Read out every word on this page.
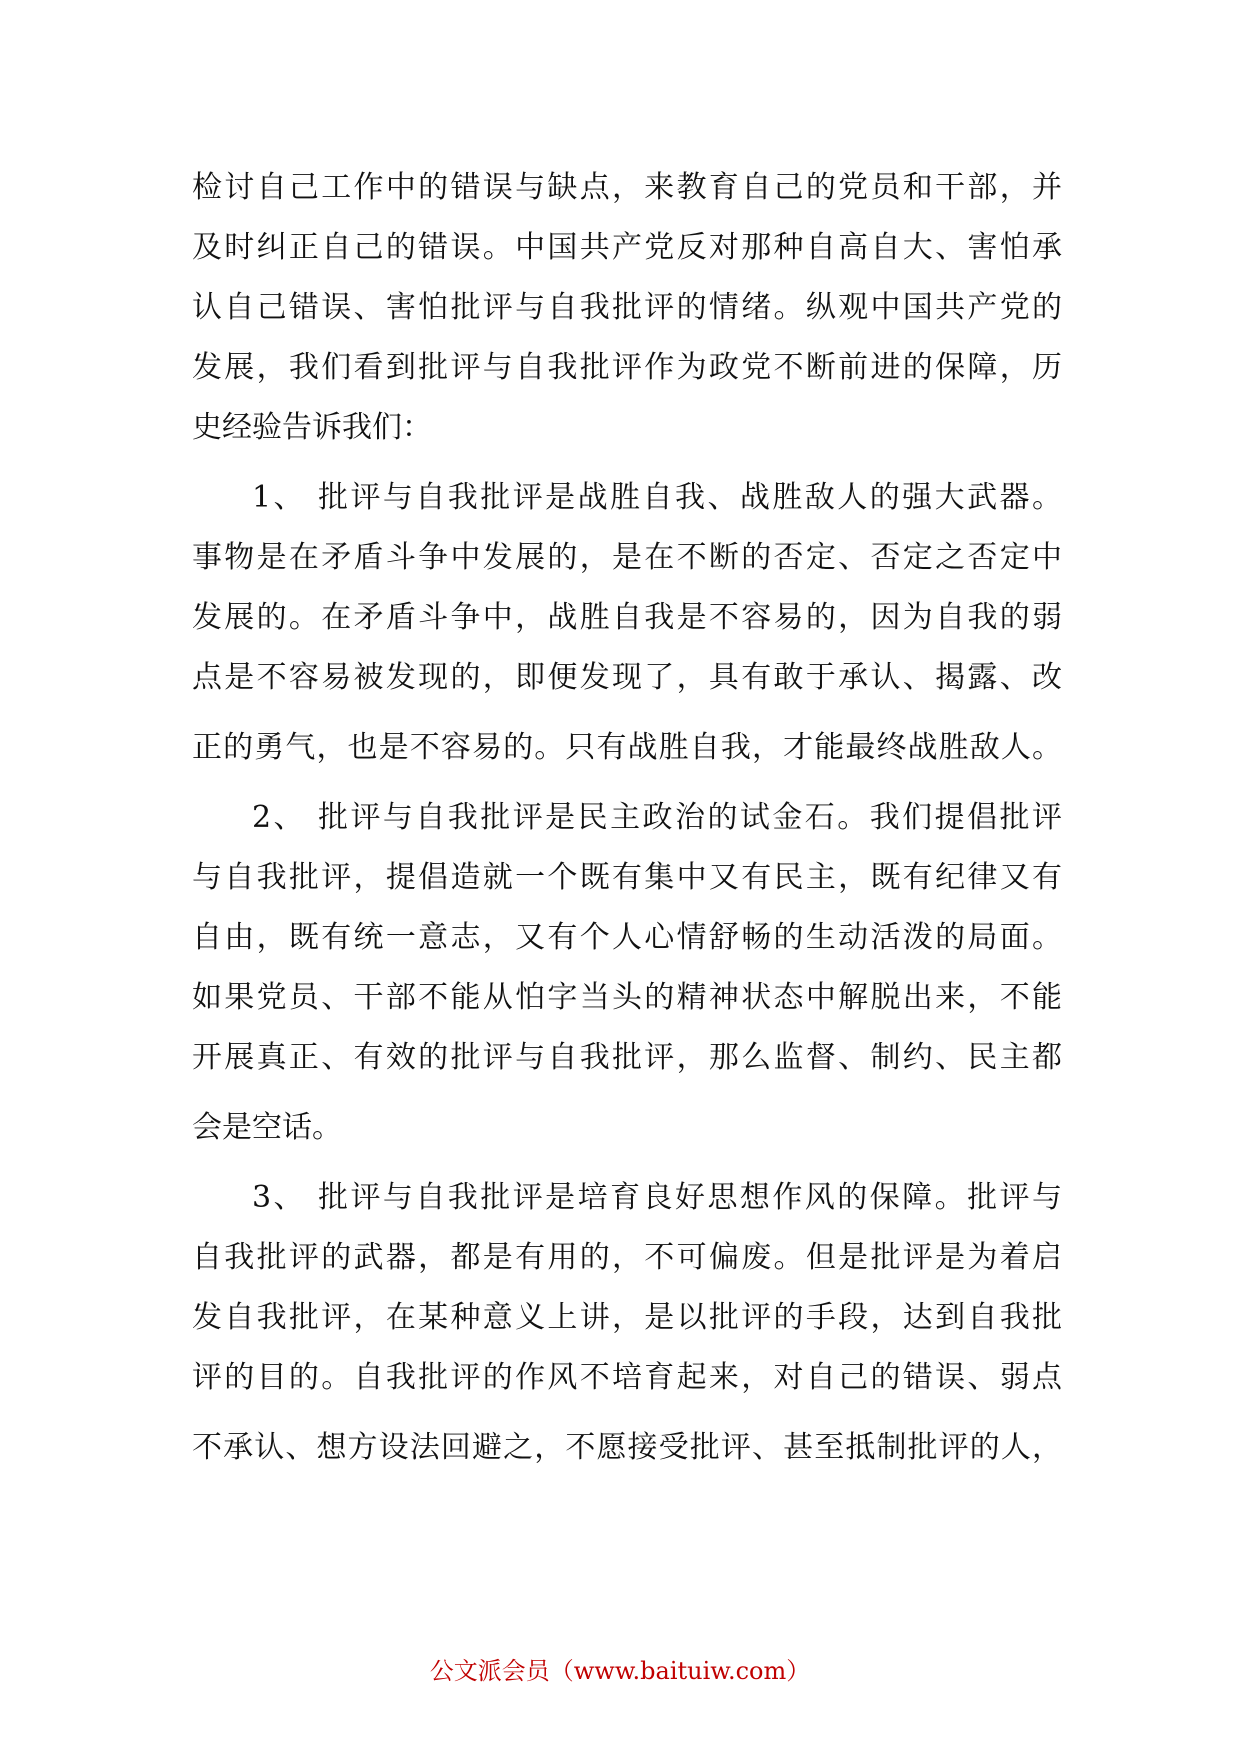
检讨自己工作中的错误与缺点，来教育自己的党员和干部，并
及时纠正自己的错误。中国共产党反对那种自高自大、害怕承
认自己错误、害怕批评与自我批评的情绪。纵观中国共产党的
发展，我们看到批评与自我批评作为政党不断前进的保障，历
史经验告诉我们：
1、 批评与自我批评是战胜自我、战胜敌人的强大武器。
事物是在矛盾斗争中发展的，是在不断的否定、否定之否定中
发展的。在矛盾斗争中，战胜自我是不容易的，因为自我的弱
点是不容易被发现的，即便发现了，具有敢于承认、揭露、改
正的勇气，也是不容易的。只有战胜自我，才能最终战胜敌人。
2、 批评与自我批评是民主政治的试金石。我们提倡批评
与自我批评，提倡造就一个既有集中又有民主，既有纪律又有
自由，既有统一意志，又有个人心情舒畅的生动活泼的局面。
如果党员、干部不能从怕字当头的精神状态中解脱出来，不能
开展真正、有效的批评与自我批评，那么监督、制约、民主都
会是空话。
3、 批评与自我批评是培育良好思想作风的保障。批评与
自我批评的武器，都是有用的，不可偏废。但是批评是为着启
发自我批评，在某种意义上讲，是以批评的手段，达到自我批
评的目的。自我批评的作风不培育起来，对自己的错误、弱点
不承认、想方设法回避之，不愿接受批评、甚至抵制批评的人，
公文派会员（www.baituiw.com）
